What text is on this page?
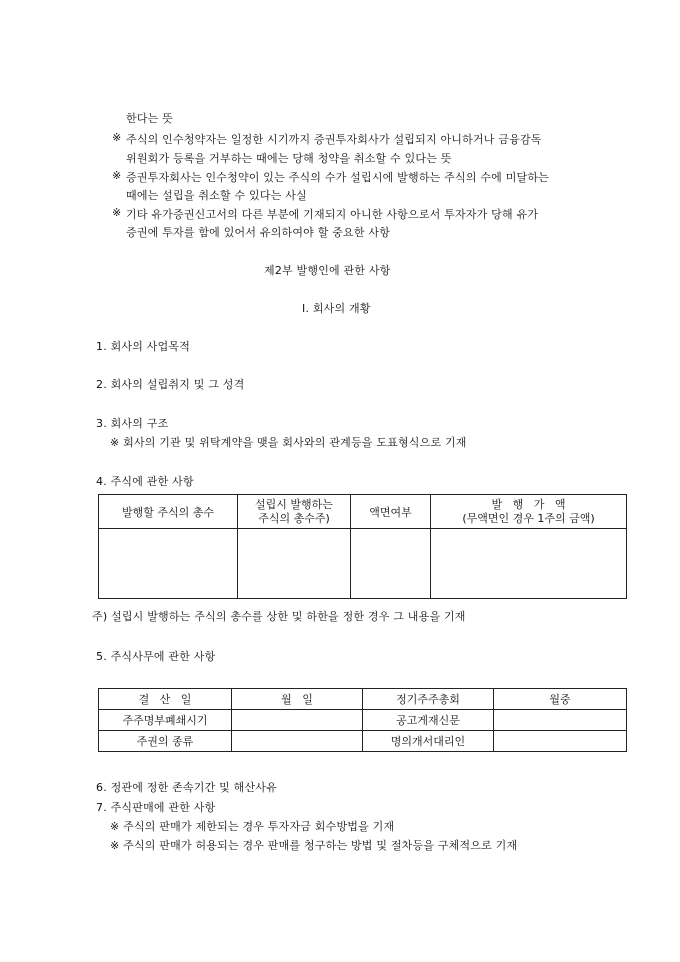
한다는 뜻
※ 주식의 인수청약자는 일정한 시기까지 증권투자회사가 설립되지 아니하거나 금융감독
위원회가 등록을 거부하는 때에는 당해 청약을 취소할 수 있다는 뜻
※ 증권투자회사는 인수청약이 있는 주식의 수가 설립시에 발행하는 주식의 수에 미달하는
때에는 설립을 취소할 수 있다는 사실
※ 기타 유가증권신고서의 다른 부분에 기재되지 아니한 사항으로서 투자자가 당해 유가
증권에 투자를 함에 있어서 유의하여야 할 중요한 사항
제2부 발행인에 관한 사항
I. 회사의 개황
1. 회사의 사업목적
2. 회사의 설립취지 및 그 성격
3. 회사의 구조
※ 회사의 기관 및 위탁계약을 맺을 회사와의 관계등을 도표형식으로 기재
4. 주식에 관한 사항
발행할 주식의 총수	설립시 발행하는
주식의 총수주)	액면여부	발   행   가   액
(무액면인 경우 1주의 금액)

주) 설립시 발행하는 주식의 총수를 상한 및 하한을 정한 경우 그 내용을 기재
5. 주식사무에 관한 사항
결   산   일	월   일	정기주주총회	월중
주주명부폐쇄시기		공고게재신문	
주권의 종류		명의개서대리인	
6. 정관에 정한 존속기간 및 해산사유
7. 주식판매에 관한 사항
※ 주식의 판매가 제한되는 경우 투자자금 회수방법을 기재
※ 주식의 판매가 허용되는 경우 판매를 청구하는 방법 및 절차등을 구체적으로 기재
